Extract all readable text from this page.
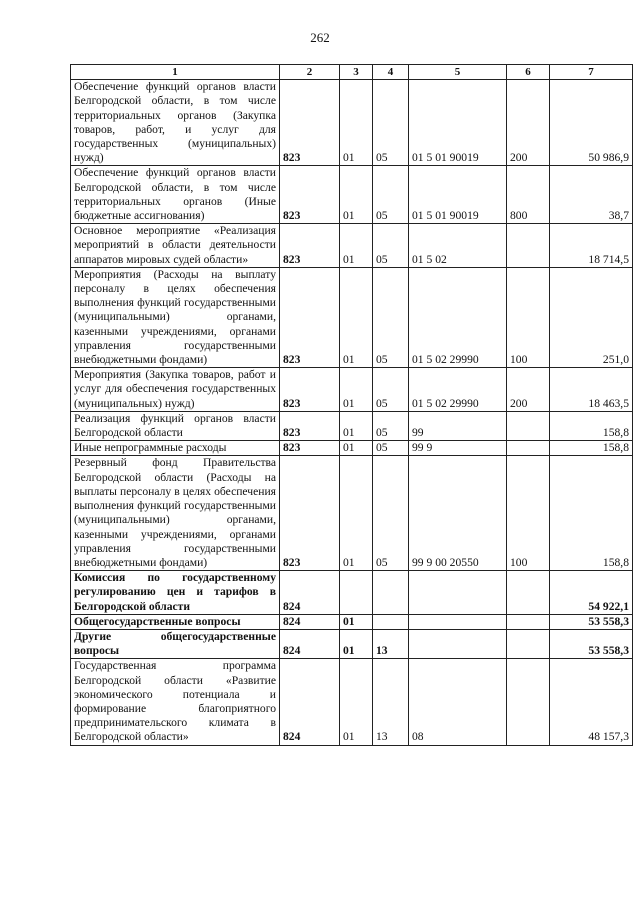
262
1	2	3	4	5	6	7
Обеспечение функций органов власти Белгородской области, в том числе территориальных органов (Закупка товаров, работ, и услуг для государственных (муниципальных) нужд)	823	01	05	01 5 01 90019	200	50 986,9
Обеспечение функций органов власти Белгородской области, в том числе территориальных органов (Иные бюджетные ассигнования)	823	01	05	01 5 01 90019	800	38,7
Основное мероприятие «Реализация мероприятий в области деятельности аппаратов мировых судей области»	823	01	05	01 5 02		18 714,5
Мероприятия (Расходы на выплату персоналу в целях обеспечения выполнения функций государственными (муниципальными) органами, казенными учреждениями, органами управления государственными внебюджетными фондами)	823	01	05	01 5 02 29990	100	251,0
Мероприятия (Закупка товаров, работ и услуг для обеспечения государственных (муниципальных) нужд)	823	01	05	01 5 02 29990	200	18 463,5
Реализация функций органов власти Белгородской области	823	01	05	99		158,8
Иные непрограммные расходы	823	01	05	99 9		158,8
Резервный фонд Правительства Белгородской области (Расходы на выплаты персоналу в целях обеспечения выполнения функций государственными (муниципальными) органами, казенными учреждениями, органами управления государственными внебюджетными фондами)	823	01	05	99 9 00 20550	100	158,8
Комиссия по государственному регулированию цен и тарифов в Белгородской области	824					54 922,1
Общегосударственные вопросы	824	01				53 558,3
Другие общегосударственные вопросы	824	01	13			53 558,3
Государственная программа Белгородской области «Развитие экономического потенциала и формирование благоприятного предпринимательского климата в Белгородской области»	824	01	13	08		48 157,3
